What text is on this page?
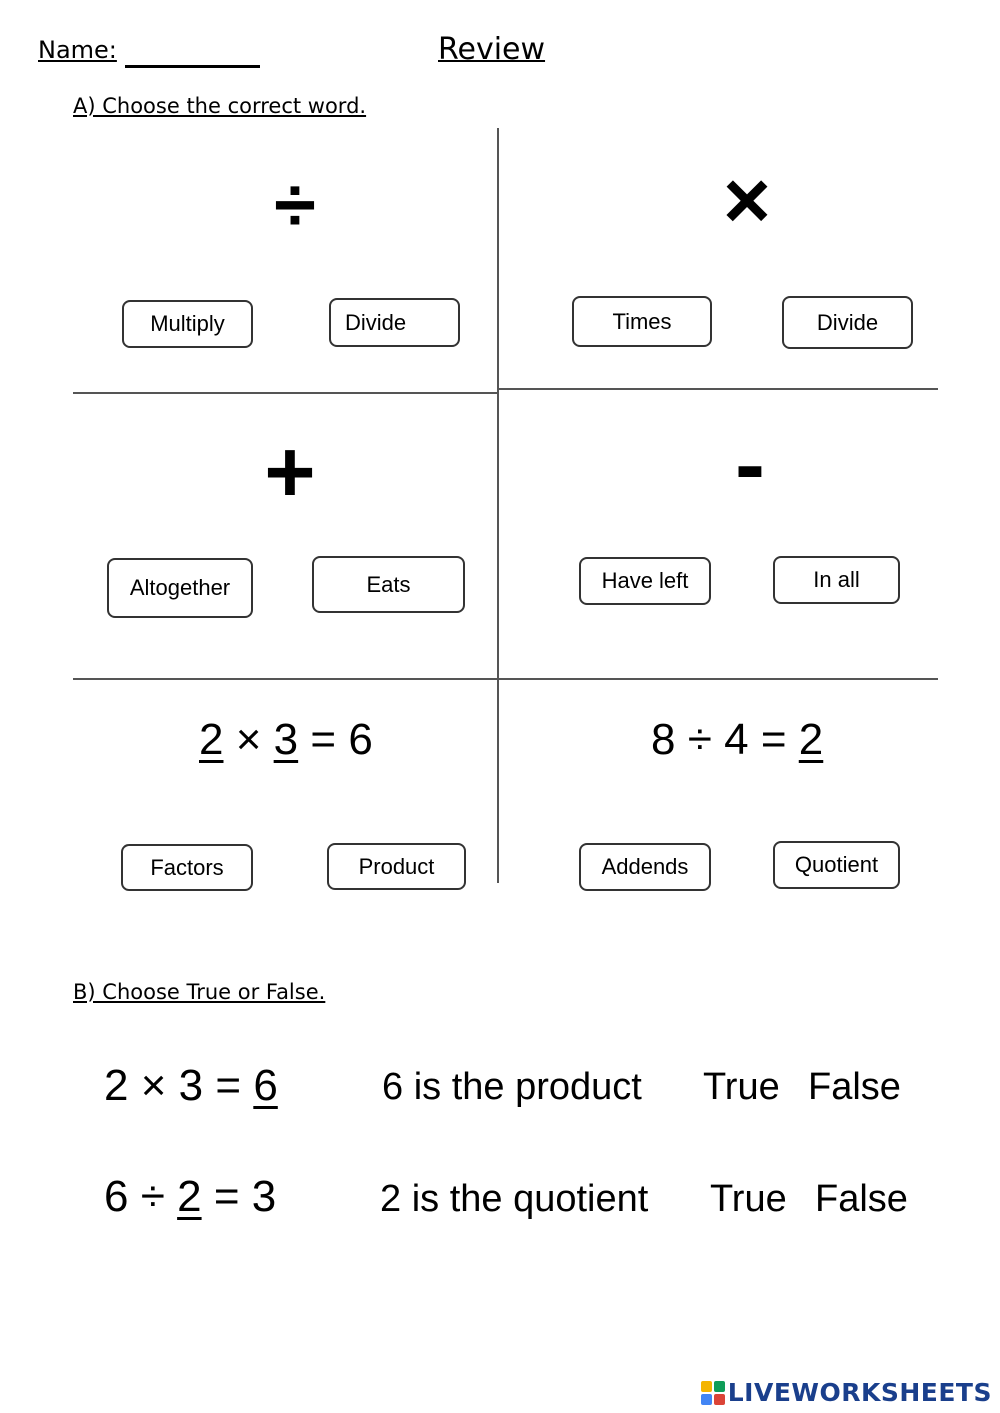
Name:	Review
A) Choose the correct word.
÷
Multiply	Divide
×
Times	Divide
+
Altogether	Eats
-
Have left	In all
2 × 3 = 6
Factors	Product
8 ÷ 4 = 2
Addends	Quotient
B) Choose True or False.
2 × 3 = 6	6 is the product True False
6 ÷ 2 = 3	2 is the quotient True False
LIVEWORKSHEETS
